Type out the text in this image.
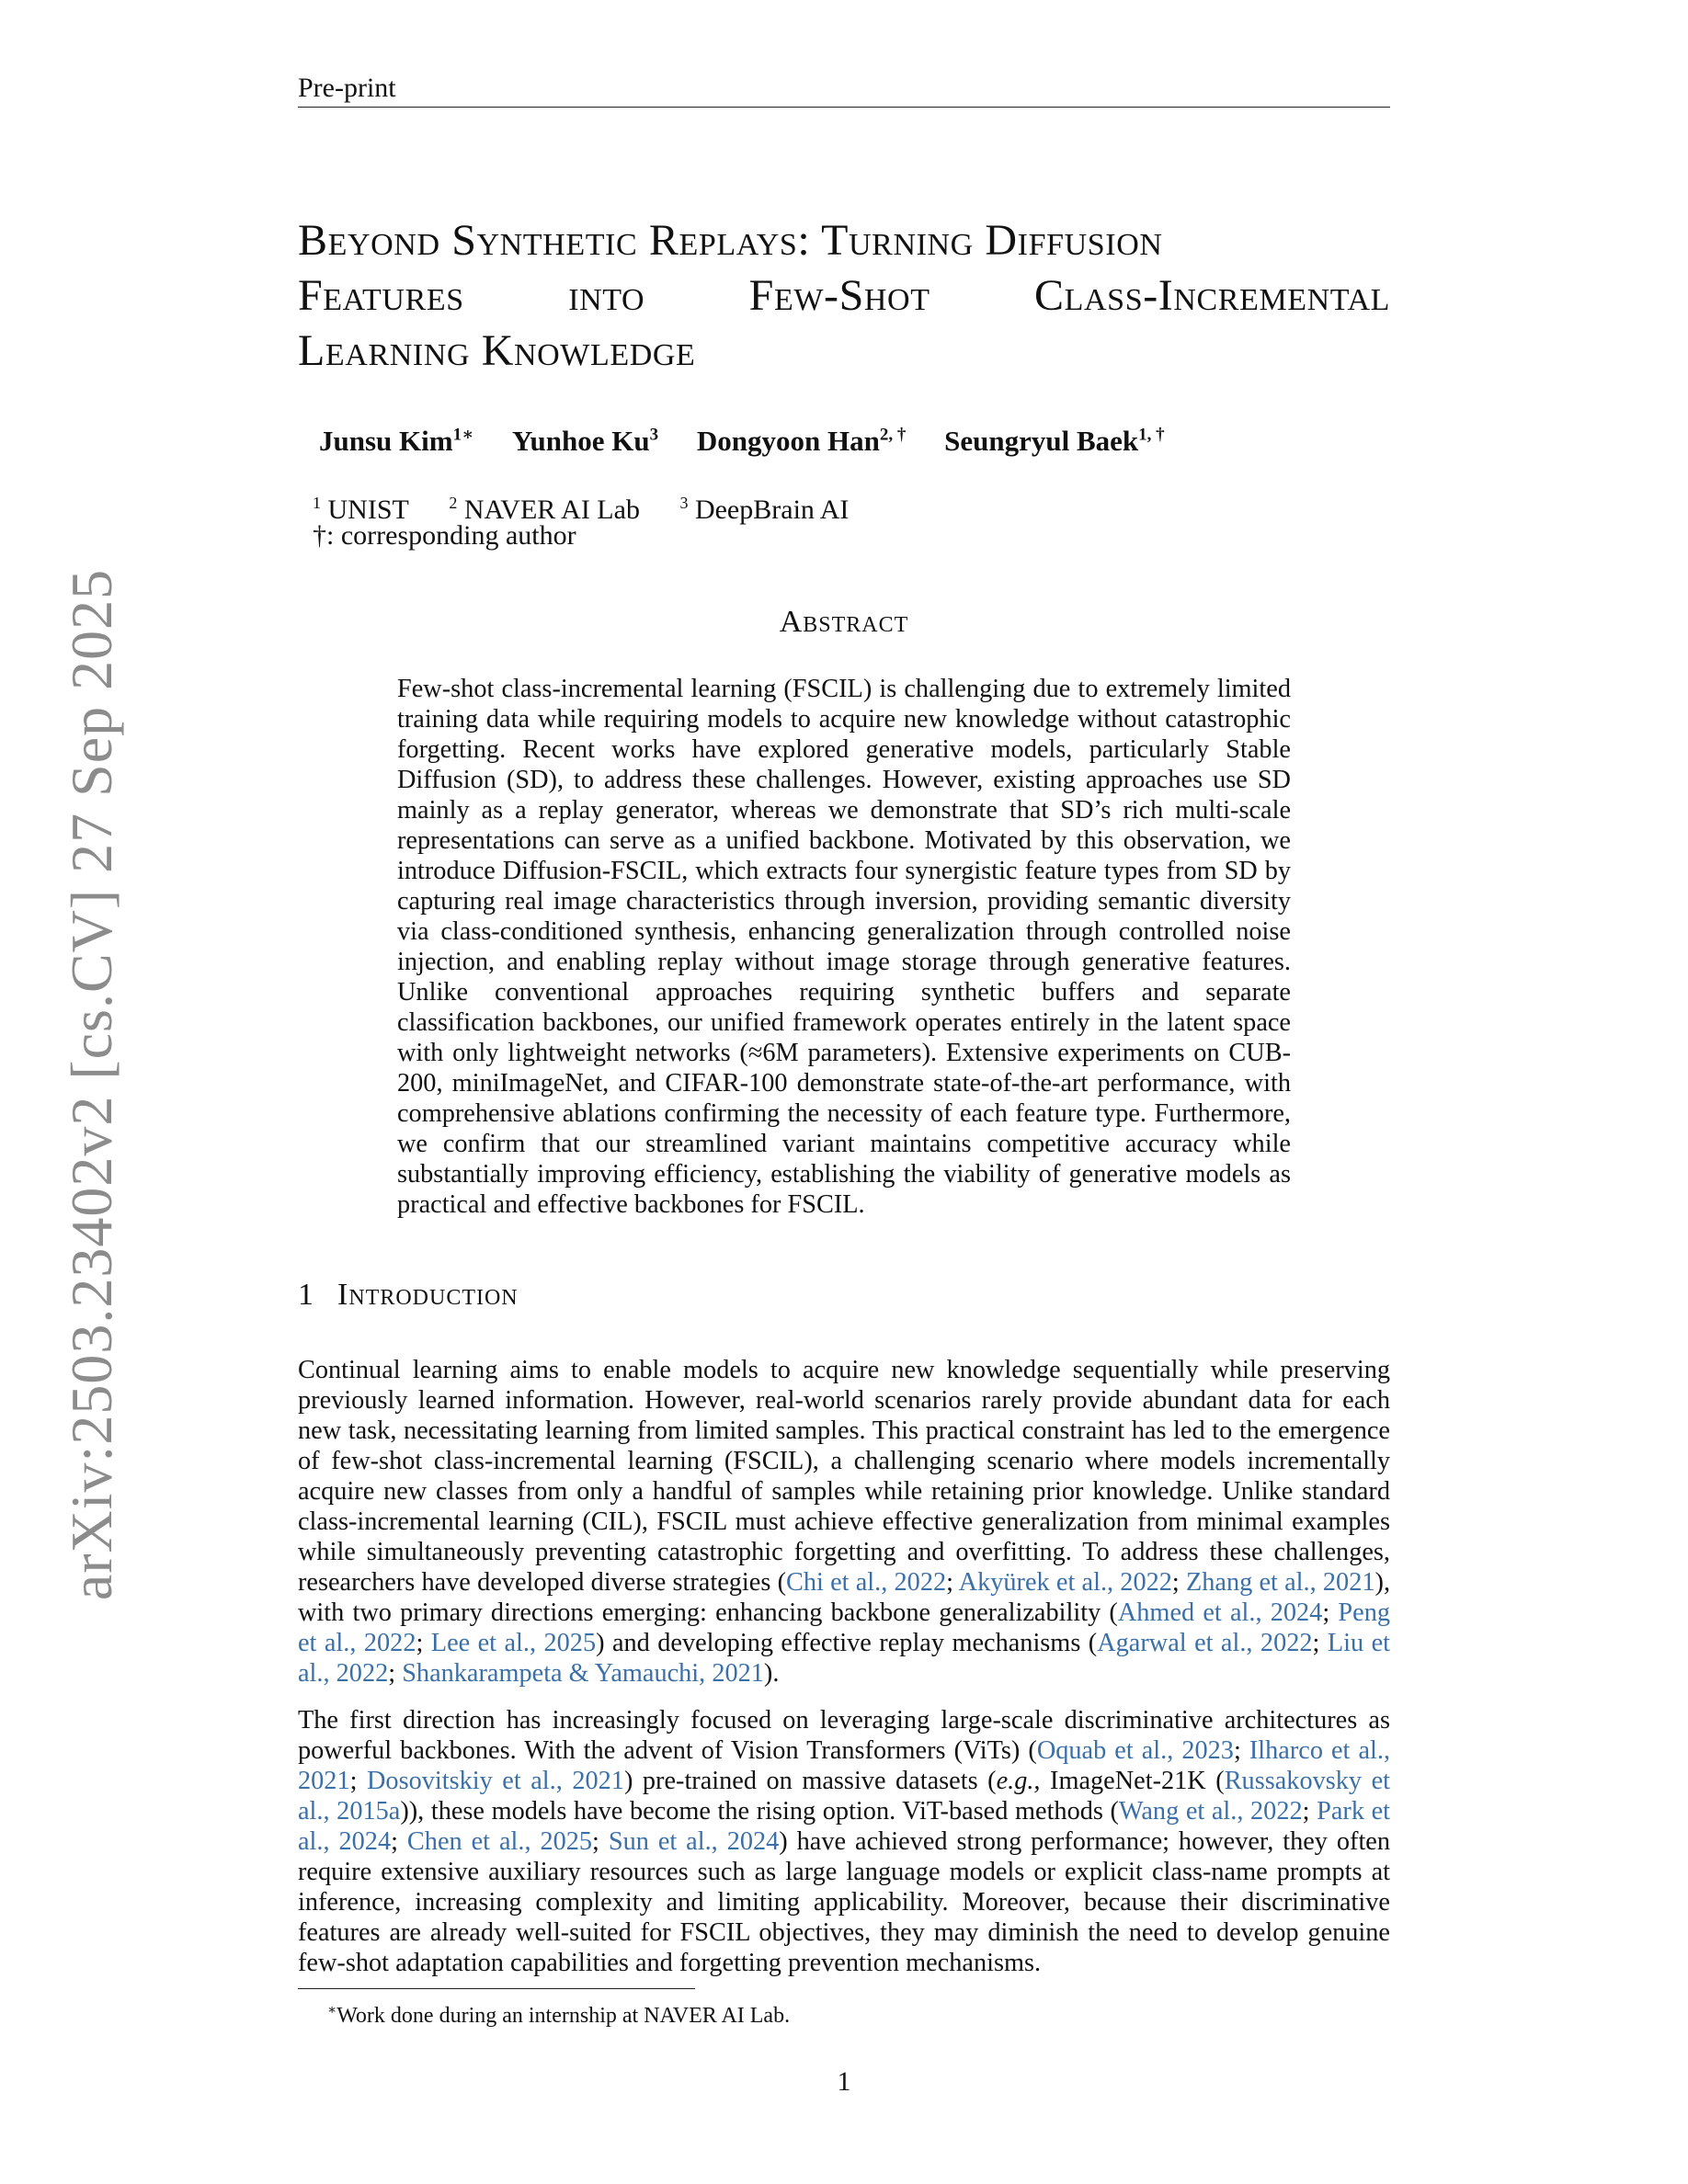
Pre-print
arXiv:2503.23402v2 [cs.CV] 27 Sep 2025
Beyond Synthetic Replays: Turning Diffusion
Features into Few-Shot Class-Incremental
Learning Knowledge
Junsu Kim$^{1∗}$ Yunhoe Ku$^3$ Dongyoon Han$^{2, \dagger}$ Seungryul Baek$^{1, \dagger}$
$^1$ UNIST $^2$ NAVER AI Lab $^3$ DeepBrain AI
†: corresponding author
Abstract
Few-shot class-incremental learning (FSCIL) is challenging due to extremely limited training data while requiring models to acquire new knowledge without catastrophic forgetting. Recent works have explored generative models, particularly Stable Diffusion (SD), to address these challenges. However, existing approaches use SD mainly as a replay generator, whereas we demonstrate that SD’s rich multi-scale representations can serve as a unified backbone. Motivated by this observation, we introduce Diffusion-FSCIL, which extracts four synergistic feature types from SD by capturing real image characteristics through inversion, providing semantic diversity via class-conditioned synthesis, enhancing generalization through controlled noise injection, and enabling replay without image storage through generative features. Unlike conventional approaches requiring synthetic buffers and separate classification backbones, our unified framework operates entirely in the latent space with only lightweight networks (≈6M parameters). Extensive experiments on CUB-200, miniImageNet, and CIFAR-100 demonstrate state-of-the-art performance, with comprehensive ablations confirming the necessity of each feature type. Furthermore, we confirm that our streamlined variant maintains competitive accuracy while substantially improving efficiency, establishing the viability of generative models as practical and effective backbones for FSCIL.
1 Introduction
Continual learning aims to enable models to acquire new knowledge sequentially while preserving previously learned information. However, real-world scenarios rarely provide abundant data for each new task, necessitating learning from limited samples. This practical constraint has led to the emergence of few-shot class-incremental learning (FSCIL), a challenging scenario where models incrementally acquire new classes from only a handful of samples while retaining prior knowledge. Unlike standard class-incremental learning (CIL), FSCIL must achieve effective generalization from minimal examples while simultaneously preventing catastrophic forgetting and overfitting. To address these challenges, researchers have developed diverse strategies (Chi et al., 2022; Akyürek et al., 2022; Zhang et al., 2021), with two primary directions emerging: enhancing backbone generalizability (Ahmed et al., 2024; Peng et al., 2022; Lee et al., 2025) and developing effective replay mechanisms (Agarwal et al., 2022; Liu et al., 2022; Shankarampeta & Yamauchi, 2021).
The first direction has increasingly focused on leveraging large-scale discriminative architectures as powerful backbones. With the advent of Vision Transformers (ViTs) (Oquab et al., 2023; Ilharco et al., 2021; Dosovitskiy et al., 2021) pre-trained on massive datasets (e.g., ImageNet-21K (Russakovsky et al., 2015a)), these models have become the rising option. ViT-based methods (Wang et al., 2022; Park et al., 2024; Chen et al., 2025; Sun et al., 2024) have achieved strong performance; however, they often require extensive auxiliary resources such as large language models or explicit class-name prompts at inference, increasing complexity and limiting applicability. Moreover, because their discriminative features are already well-suited for FSCIL objectives, they may diminish the need to develop genuine few-shot adaptation capabilities and forgetting prevention mechanisms.
∗Work done during an internship at NAVER AI Lab.
1
